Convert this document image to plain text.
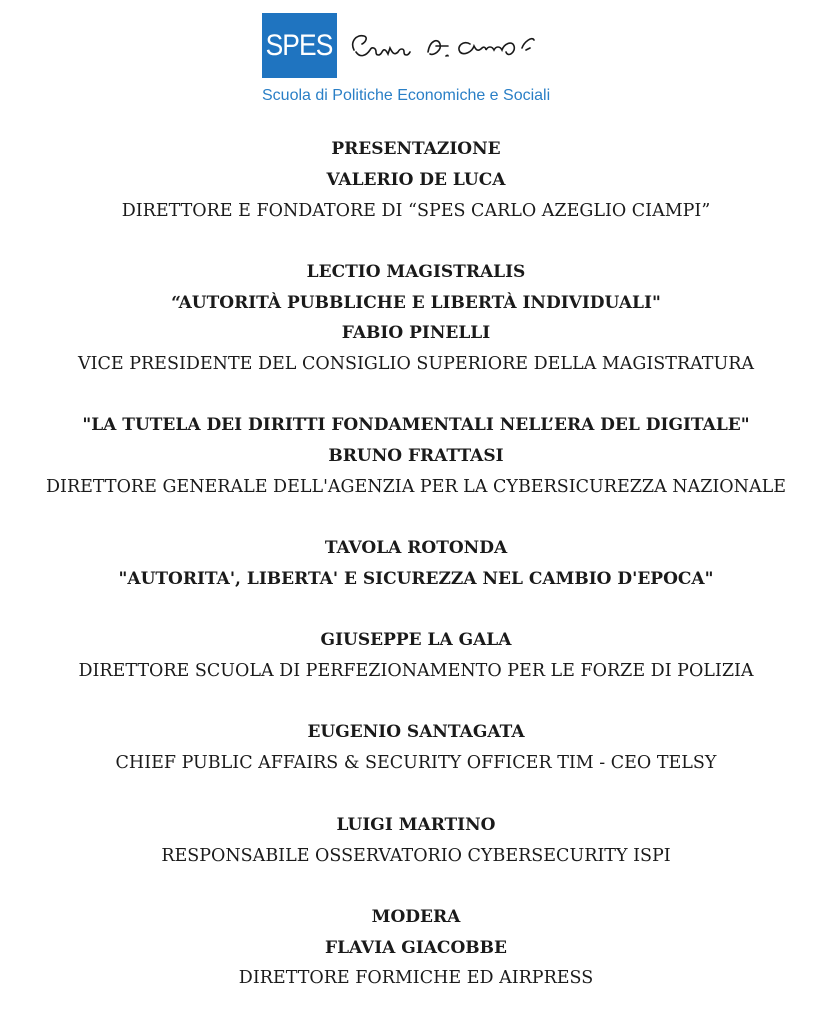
SPES
Scuola di Politiche Economiche e Sociali
PRESENTAZIONE
VALERIO DE LUCA
DIRETTORE E FONDATORE DI “SPES CARLO AZEGLIO CIAMPI”
LECTIO MAGISTRALIS
“AUTORITÀ PUBBLICHE E LIBERTÀ INDIVIDUALI"
FABIO PINELLI
VICE PRESIDENTE DEL CONSIGLIO SUPERIORE DELLA MAGISTRATURA
"LA TUTELA DEI DIRITTI FONDAMENTALI NELL’ERA DEL DIGITALE"
BRUNO FRATTASI
DIRETTORE GENERALE DELL'AGENZIA PER LA CYBERSICUREZZA NAZIONALE
TAVOLA ROTONDA
"AUTORITA', LIBERTA' E SICUREZZA NEL CAMBIO D'EPOCA"
GIUSEPPE LA GALA
DIRETTORE SCUOLA DI PERFEZIONAMENTO PER LE FORZE DI POLIZIA
EUGENIO SANTAGATA
CHIEF PUBLIC AFFAIRS & SECURITY OFFICER TIM - CEO TELSY
LUIGI MARTINO
RESPONSABILE OSSERVATORIO CYBERSECURITY ISPI
MODERA
FLAVIA GIACOBBE
DIRETTORE FORMICHE ED AIRPRESS
